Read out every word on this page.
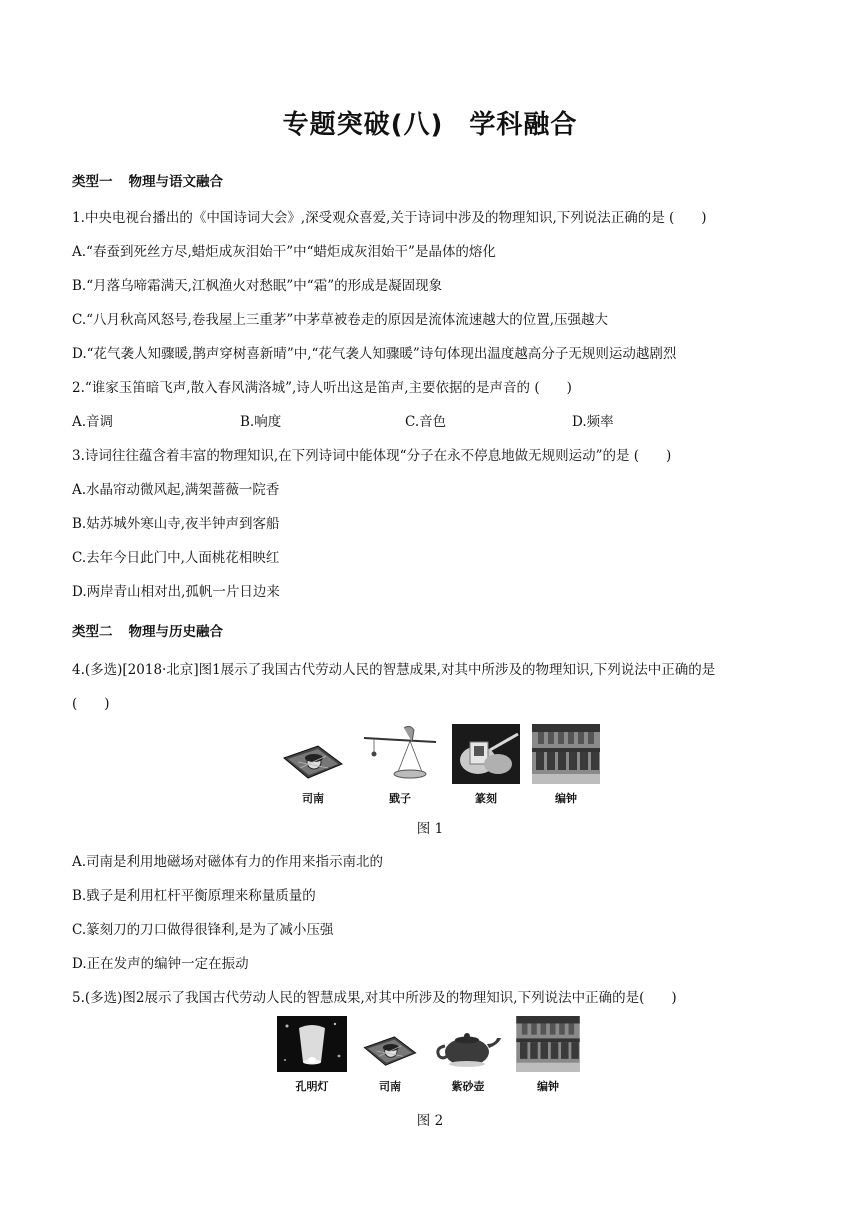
专题突破(八) 学科融合
类型一 物理与语文融合

1.中央电视台播出的《中国诗词大会》,深受观众喜爱,关于诗词中涉及的物理知识,下列说法正确的是 (　　)

A.“春蚕到死丝方尽,蜡炬成灰泪始干”中“蜡炬成灰泪始干”是晶体的熔化

B.“月落乌啼霜满天,江枫渔火对愁眠”中“霜”的形成是凝固现象

C.“八月秋高风怒号,卷我屋上三重茅”中茅草被卷走的原因是流体流速越大的位置,压强越大

D.“花气袭人知骤暖,鹊声穿树喜新晴”中,“花气袭人知骤暖”诗句体现出温度越高分子无规则运动越剧烈

2.“谁家玉笛暗飞声,散入春风满洛城”,诗人听出这是笛声,主要依据的是声音的 (　　)

A.音调	B.响度	C.音色	D.频率

3.诗词往往蕴含着丰富的物理知识,在下列诗词中能体现“分子在永不停息地做无规则运动”的是 (　　)

A.水晶帘动微风起,满架蔷薇一院香

B.姑苏城外寒山寺,夜半钟声到客船

C.去年今日此门中,人面桃花相映红

D.两岸青山相对出,孤帆一片日边来

类型二 物理与历史融合

4.(多选)[2018·北京]图1展示了我国古代劳动人民的智慧成果,对其中所涉及的物理知识,下列说法中正确的是

(　　)

司南	戥子	篆刻	编钟
图 1

A.司南是利用地磁场对磁体有力的作用来指示南北的

B.戥子是利用杠杆平衡原理来称量质量的

C.篆刻刀的刀口做得很锋利,是为了减小压强

D.正在发声的编钟一定在振动

5.(多选)图2展示了我国古代劳动人民的智慧成果,对其中所涉及的物理知识,下列说法中正确的是(　　)

孔明灯	司南	紫砂壶	编钟
图 2
